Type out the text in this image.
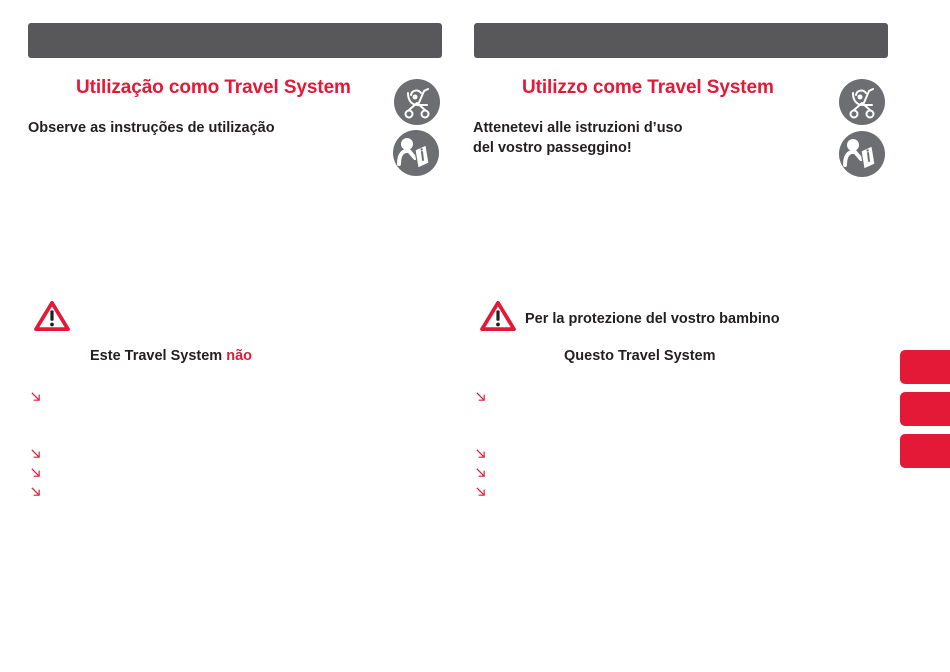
Utilização como Travel System
Observe as instruções de utilização
Este Travel System não
Utilizzo come Travel System
Attenetevi alle istruzioni d’uso
del vostro passeggino!
Per la protezione del vostro bambino
Questo Travel System
